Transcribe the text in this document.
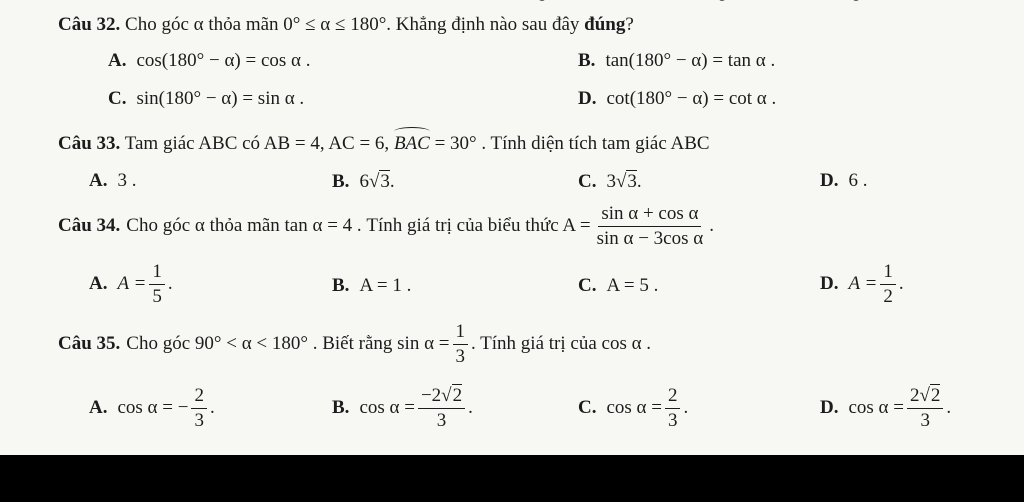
Câu 32. Cho góc α thỏa mãn 0° ≤ α ≤ 180°. Khẳng định nào sau đây đúng?
A. cos(180° − α) = cos α .	B. tan(180° − α) = tan α .
C. sin(180° − α) = sin α .	D. cot(180° − α) = cot α .
Câu 33. Tam giác ABC có AB = 4, AC = 6, BAC = 30° . Tính diện tích tam giác ABC
A. 3 .	B. 6 √ 3 .	C. 3 √ 3 .	D. 6 .
Câu 34. Cho góc α thỏa mãn tan α = 4 . Tính giá trị của biểu thức $A = \frac{\text{sin α + cos α}}{\text{sin α − 3cos α}}$ .
A. $A = \frac{1}{5}$ .	B. A = 1 .	C. A = 5 .	D. $A = \frac{1}{2}$ .
Câu 35. Cho góc 90° < α < 180° . Biết rằng $\sin \alpha = \frac{1}{3}$ . Tính giá trị của cos α .
A. cos α = − $\frac{2}{3}$ .	B. $\cos \alpha = \frac{-2√2}{3}$ .	C. $\cos \alpha = \frac{2}{3}$ .	D. $\cos \alpha = \frac{2√2}{3}$ .
